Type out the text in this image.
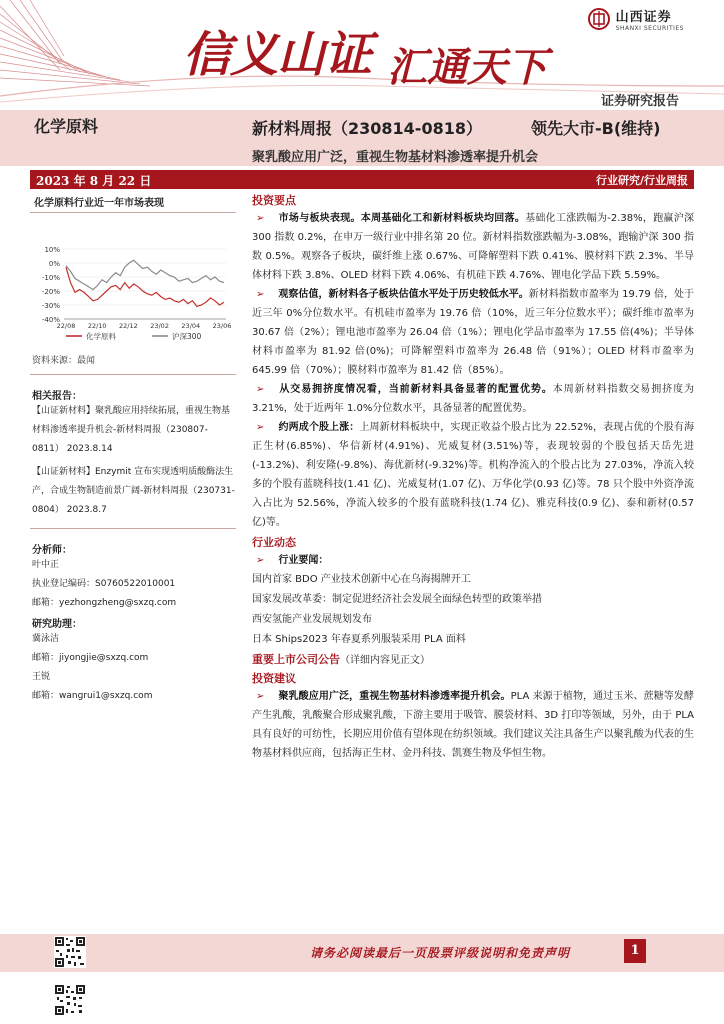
山西证券
SHANXI SECURITIES
信义山证 汇通天下
证券研究报告
化学原料	新材料周报（230814-0818）	领先大市-B(维持)
聚乳酸应用广泛，重视生物基材料渗透率提升机会
2023 年 8 月 22 日	行业研究/行业周报
化学原料行业近一年市场表现
10%
0%
-10%
-20%
-30%
-40%
22/08 22/10 22/12 23/02 23/04 23/06
化学原料	沪深300
资料来源：最闻
相关报告：
【山证新材料】聚乳酸应用持续拓展，重视生物基材料渗透率提升机会-新材料周报（230807-0811） 2023.8.14
【山证新材料】Enzymit 宣布实现透明质酸酶法生产，合成生物制造前景广阔-新材料周报（230731-0804） 2023.8.7
分析师：
叶中正
执业登记编码：S0760522010001
邮箱：yezhongzheng@sxzq.com
研究助理：
冀泳洁
邮箱：jiyongjie@sxzq.com
王锐
邮箱：wangrui1@sxzq.com
投资要点
➢ 市场与板块表现。本周基础化工和新材料板块均回落。基础化工涨跌幅为-2.38%，跑赢沪深 300 指数 0.2%，在申万一级行业中排名第 20 位。新材料指数涨跌幅为-3.08%，跑输沪深 300 指数 0.5%。观察各子板块，碳纤维上涨 0.67%、可降解塑料下跌 0.41%、膜材料下跌 2.3%、半导体材料下跌 3.8%、OLED 材料下跌 4.06%、有机硅下跌 4.76%、锂电化学品下跌 5.59%。
➢ 观察估值，新材料各子板块估值水平处于历史较低水平。新材料指数市盈率为 19.79 倍，处于近三年 0%分位数水平。有机硅市盈率为 19.76 倍（10%，近三年分位数水平）；碳纤维市盈率为 30.67 倍（2%）；锂电池市盈率为 26.04 倍（1%）；锂电化学品市盈率为 17.55 倍(4%)；半导体材料市盈率为 81.92 倍(0%)；可降解塑料市盈率为 26.48 倍（91%）；OLED 材料市盈率为 645.99 倍（70%）；膜材料市盈率为 81.42 倍（85%）。
➢ 从交易拥挤度情况看，当前新材料具备显著的配置优势。本周新材料指数交易拥挤度为 3.21%，处于近两年 1.0%分位数水平，具备显著的配置优势。
➢ 约两成个股上涨：上周新材料板块中，实现正收益个股占比为 22.52%，表现占优的个股有海正生材(6.85%)、华信新材(4.91%)、光威复材(3.51%)等，表现较弱的个股包括天岳先进(-13.2%)、利安隆(-9.8%)、海优新材(-9.32%)等。机构净流入的个股占比为 27.03%，净流入较多的个股有蓝晓科技(1.41 亿)、光威复材(1.07 亿)、万华化学(0.93 亿)等。78 只个股中外资净流入占比为 52.56%，净流入较多的个股有蓝晓科技(1.74 亿)、雅克科技(0.9 亿)、泰和新材(0.57 亿)等。
行业动态
➢ 行业要闻：
国内首家 BDO 产业技术创新中心在乌海揭牌开工
国家发展改革委：制定促进经济社会发展全面绿色转型的政策举措
西安氢能产业发展规划发布
日本 Ships2023 年春夏系列服装采用 PLA 面料
重要上市公司公告（详细内容见正文）
投资建议
➢ 聚乳酸应用广泛，重视生物基材料渗透率提升机会。PLA 来源于植物，通过玉米、蔗糖等发酵产生乳酸，乳酸聚合形成聚乳酸，下游主要用于吸管、膜袋材料、3D 打印等领域，另外，由于 PLA 具有良好的可纺性，长期应用价值有望体现在纺织领域。我们建议关注具备生产以聚乳酸为代表的生物基材料供应商，包括海正生材、金丹科技、凯赛生物及华恒生物。
请务必阅读最后一页股票评级说明和免责声明	1
